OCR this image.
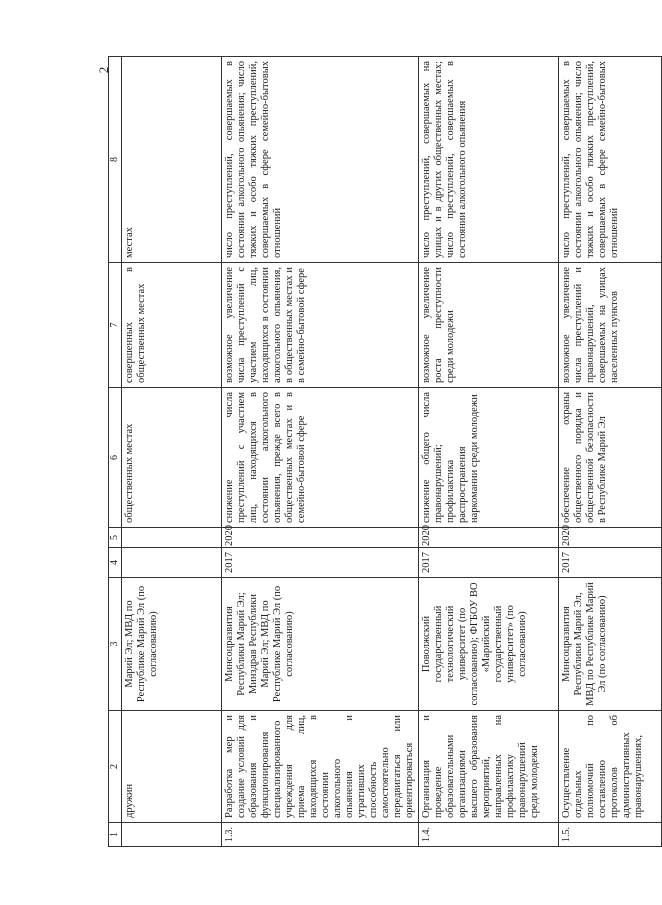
2
1	2	3	4	5	6	7	8
	дружин	Марий Эл; МВД по Республике Марий Эл (по согласованию)			общественных местах	совершенных в общественных местах	местах
1.3.	Разработка мер и создание условий для образования и функционирования специализированного учреждения для приема лиц, находящихся в состоянии алкогольного опьянения и утративших способность самостоятельно передвигаться или ориентироваться	Минсоцразвития Республики Марий Эл; Минздрав Республики Марий Эл; МВД по Республике Марий Эл (по согласованию)	2017	2020	снижение числа преступлений с участием лиц, находящихся в состоянии алкогольного опьянения, прежде всего в общественных местах и в семейно-бытовой сфере	возможное увеличение числа преступлений с участием лиц, находящихся в состоянии алкогольного опьянения, в общественных местах и в семейно-бытовой сфере	число преступлений, совершаемых в состоянии алкогольного опьянения; число тяжких и особо тяжких преступлений, совершаемых в сфере семейно-бытовых отношений
1.4.	Организация и проведение образовательными организациями высшего образования мероприятий, направленных на профилактику правонарушений среди молодежи	Поволжский государственный технологический университет (по согласованию); ФГБОУ ВО «Марийский государственный университет» (по согласованию)	2017	2020	снижение общего числа правонарушений; профилактика распространения наркомании среди молодежи	возможное увеличение роста преступности среди молодежи	число преступлений, совершаемых на улицах и в других общественных местах; число преступлений, совершаемых в состоянии алкогольного опьянения
1.5.	Осуществление отдельных полномочий по составлению протоколов об административных правонарушениях,	Минсоцразвития Республики Марий Эл, МВД по Республике Марий Эл (по согласованию)	2017	2020	обеспечение охраны общественного порядка и общественной безопасности в Республике Марий Эл	возможное увеличение числа преступлений и правонарушений, совершаемых на улицах населенных пунктов	число преступлений, совершаемых в состоянии алкогольного опьянения; число тяжких и особо тяжких преступлений, совершаемых в сфере семейно-бытовых отношений
